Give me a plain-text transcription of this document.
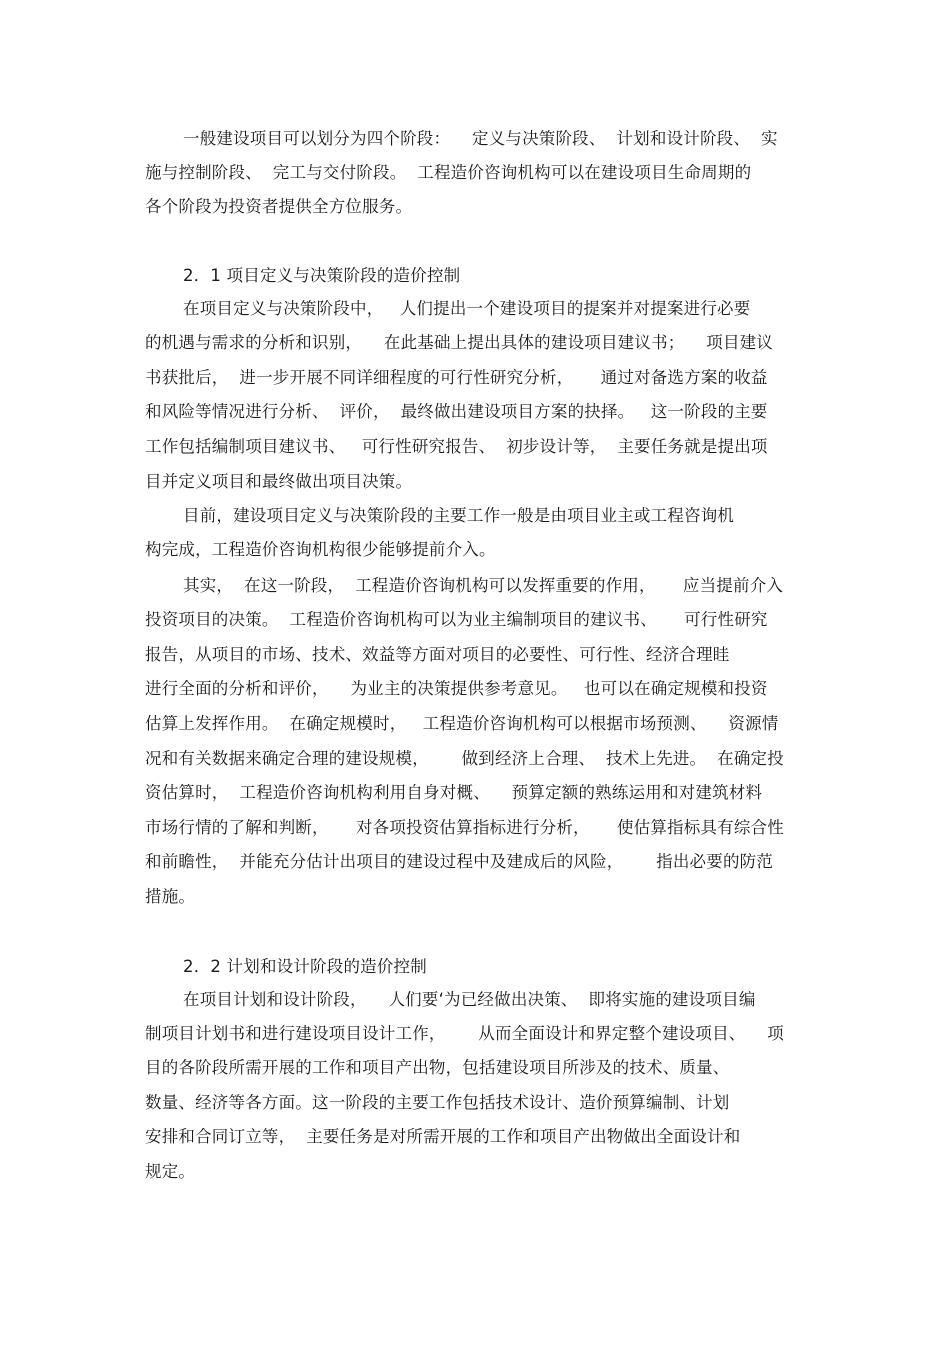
一般建设项目可以划分为四个阶段：    定义与决策阶段、  计划和设计阶段、  实
施与控制阶段、  完工与交付阶段。  工程造价咨询机构可以在建设项目生命周期的
各个阶段为投资者提供全方位服务。
2．1 项目定义与决策阶段的造价控制
在项目定义与决策阶段中，   人们提出一个建设项目的提案并对提案进行必要
的机遇与需求的分析和识别，    在此基础上提出具体的建设项目建议书；    项目建议
书获批后，  进一步开展不同详细程度的可行性研究分析，     通过对备选方案的收益
和风险等情况进行分析、  评价，  最终做出建设项目方案的抉择。   这一阶段的主要
工作包括编制项目建议书、   可行性研究报告、  初步设计等，  主要任务就是提出项
目并定义项目和最终做出项目决策。
目前，建设项目定义与决策阶段的主要工作一般是由项目业主或工程咨询机
构完成，工程造价咨询机构很少能够提前介入。
其实，  在这一阶段，  工程造价咨询机构可以发挥重要的作用，     应当提前介入
投资项目的决策。  工程造价咨询机构可以为业主编制项目的建议书、     可行性研究
报告，从项目的市场、技术、效益等方面对项目的必要性、可行性、经济合理眭
进行全面的分析和评价，    为业主的决策提供参考意见。   也可以在确定规模和投资
估算上发挥作用。  在确定规模时，   工程造价咨询机构可以根据市场预测、    资源情
况和有关数据来确定合理的建设规模，      做到经济上合理、  技术上先进。  在确定投
资估算时，  工程造价咨询机构利用自身对概、    预算定额的熟练运用和对建筑材料
市场行情的了解和判断，     对各项投资估算指标进行分析，     使估算指标具有综合性
和前瞻性，  并能充分估计出项目的建设过程中及建成后的风险，      指出必要的防范
措施。
2．2 计划和设计阶段的造价控制
在项目计划和设计阶段，    人们要‘为已经做出决策、  即将实施的建设项目编
制项目计划书和进行建设项目设计工作，      从而全面设计和界定整个建设项目、    项
目的各阶段所需开展的工作和项目产出物，包括建设项目所涉及的技术、质量、
数量、经济等各方面。这一阶段的主要工作包括技术设计、造价预算编制、计划
安排和合同订立等，  主要任务是对所需开展的工作和项目产出物做出全面设计和
规定。
